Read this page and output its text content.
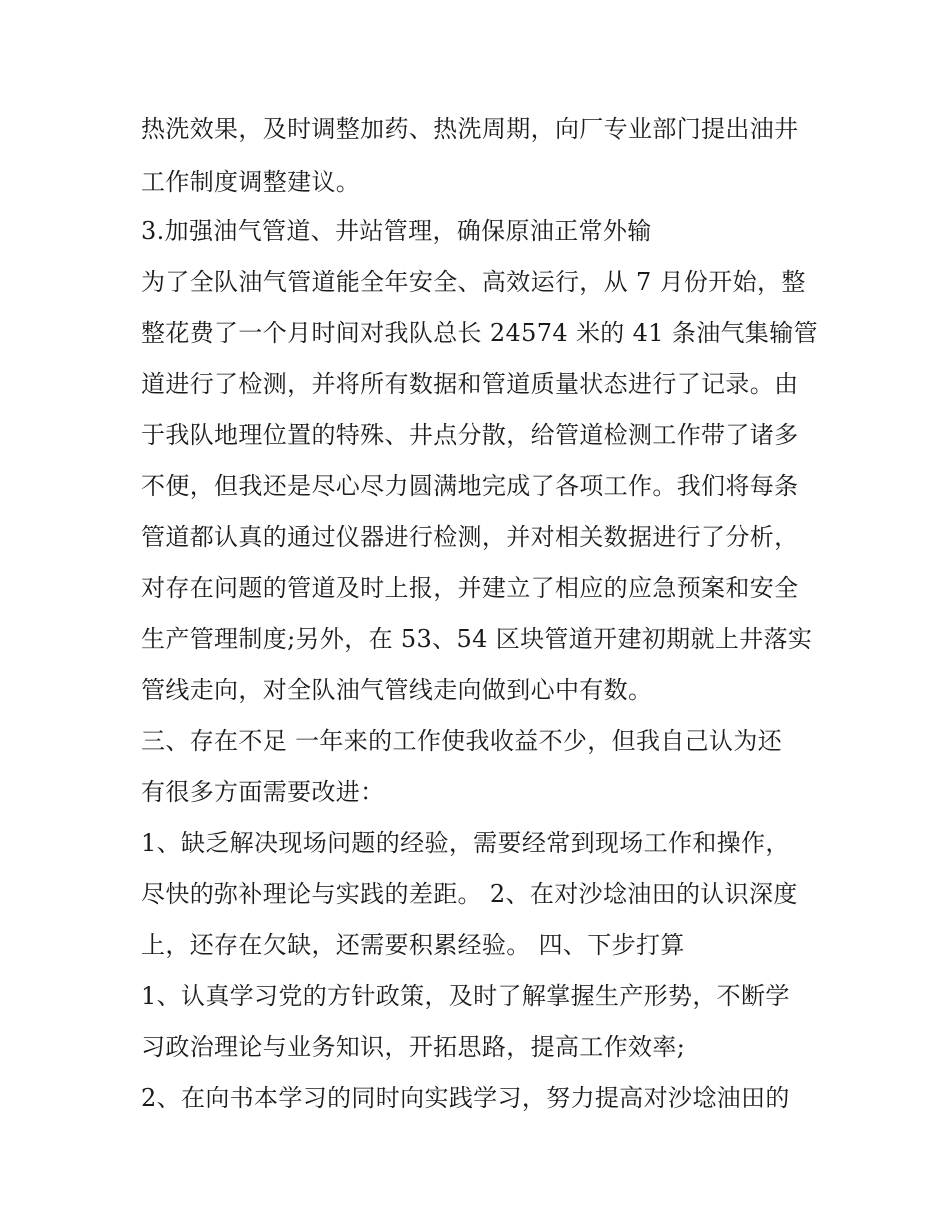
热洗效果，及时调整加药、热洗周期，向厂专业部门提出油井
工作制度调整建议。
3.加强油气管道、井站管理，确保原油正常外输
为了全队油气管道能全年安全、高效运行，从 7 月份开始，整
整花费了一个月时间对我队总长 24574 米的 41 条油气集输管
道进行了检测，并将所有数据和管道质量状态进行了记录。由
于我队地理位置的特殊、井点分散，给管道检测工作带了诸多
不便，但我还是尽心尽力圆满地完成了各项工作。我们将每条
管道都认真的通过仪器进行检测，并对相关数据进行了分析，
对存在问题的管道及时上报，并建立了相应的应急预案和安全
生产管理制度;另外，在 53、54 区块管道开建初期就上井落实
管线走向，对全队油气管线走向做到心中有数。
三、存在不足 一年来的工作使我收益不少，但我自己认为还
有很多方面需要改进：
1、缺乏解决现场问题的经验，需要经常到现场工作和操作，
尽快的弥补理论与实践的差距。 2、在对沙埝油田的认识深度
上，还存在欠缺，还需要积累经验。 四、下步打算
1、认真学习党的方针政策，及时了解掌握生产形势，不断学
习政治理论与业务知识，开拓思路，提高工作效率;
2、在向书本学习的同时向实践学习，努力提高对沙埝油田的
